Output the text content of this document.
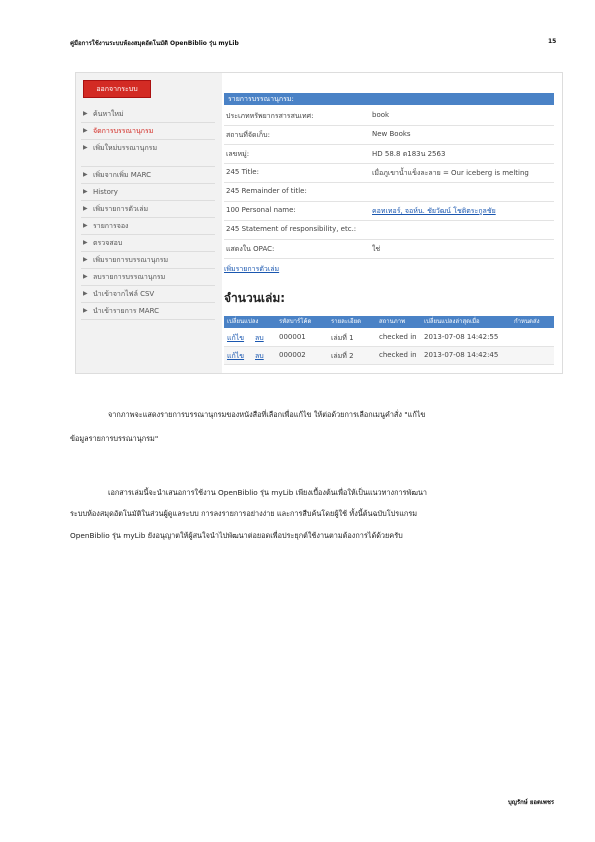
คู่มือการใช้งานระบบห้องสมุดอัตโนมัติ OpenBiblio รุ่น myLib	15
ออกจากระบบ
▶ ค้นหาใหม่
▶ จัดการบรรณานุกรม
▶ เพิ่มใหม่บรรณานุกรม
▶ เพิ่มจากเพิ่ม MARC
▶ History
▶ เพิ่มรายการตัวเล่ม
▶ รายการจอง
▶ ตรวจสอบ
▶ เพิ่มรายการบรรณานุกรม
▶ ลบรายการบรรณานุกรม
▶ นำเข้าจากไฟล์ CSV
▶ นำเข้ารายการ MARC
รายการบรรณานุกรม:
ประเภทหรัพยากรสารสนเทศ:	book
สถานที่จัดเก็บ:	New Books
เลขหมู่:	HD 58.8 ต183น 2563
245 Title:	เมื่อภูเขาน้ำแข็งละลาย = Our iceberg is melting
245 Remainder of title:
100 Personal name:	คอทเทอร์, จอห์น. ชัยวัฒน์ โชติตระกูลชัย
245 Statement of responsibility, etc.:
แสดงใน OPAC:	ใช่
เพิ่มรายการตัวเล่ม
จำนวนเล่ม:
เปลี่ยนแปลง	รหัสบาร์โค้ด	รายละเอียด	สถานภาพ	เปลี่ยนแปลงล่าสุดเมื่อ	กำหนดส่ง
แก้ไข ลบ 000001	เล่มที่ 1	checked in 2013-07-08 14:42:55
แก้ไข ลบ 000002	เล่มที่ 2	checked in 2013-07-08 14:42:45
จากภาพจะแสดงรายการบรรณานุกรมของหนังสือที่เลือกเพื่อแก้ไข ให้ต่อด้วยการเลือกเมนูคำสั่ง "แก้ไข
ข้อมูลรายการบรรณานุกรม"
เอกสารเล่มนี้จะนำเสนอการใช้งาน OpenBiblio รุ่น myLib เพียงเบื้องต้นเพื่อให้เป็นแนวทางการพัฒนา
ระบบห้องสมุดอัตโนมัติในส่วนผู้ดูแลระบบ การลงรายการอย่างง่าย และการสืบค้นโดยผู้ใช้ ทั้งนี้ต้นฉบับโปรแกรม
OpenBiblio รุ่น myLib ยังอนุญาตให้ผู้สนใจนำไปพัฒนาต่อยอดเพื่อประยุกต์ใช้งานตามต้องการได้ด้วยครับ
บุญรักษ์ ยอดเพชร
